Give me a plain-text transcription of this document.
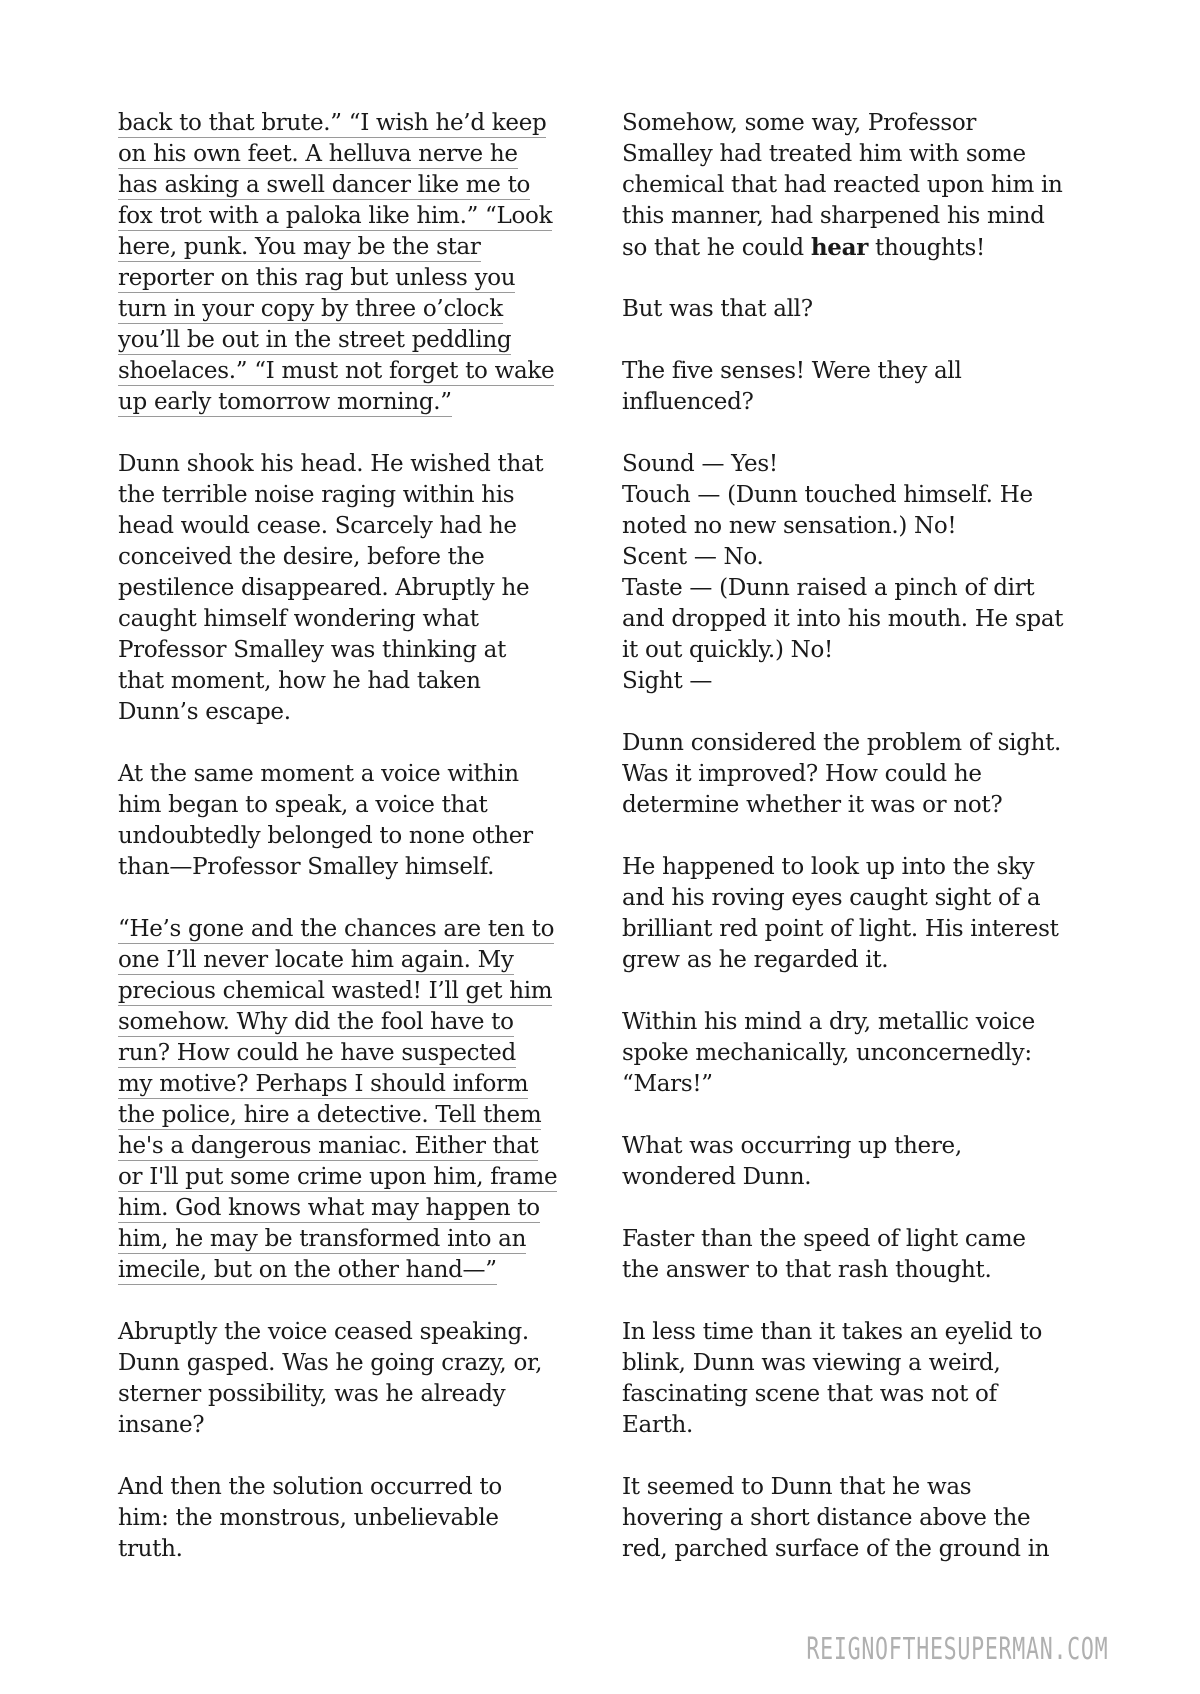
back to that brute.” “I wish he’d keep
on his own feet. A helluva nerve he
has asking a swell dancer like me to
fox trot with a paloka like him.” “Look
here, punk. You may be the star
reporter on this rag but unless you
turn in your copy by three o’clock
you’ll be out in the street peddling
shoelaces.” “I must not forget to wake
up early tomorrow morning.”
Dunn shook his head. He wished that
the terrible noise raging within his
head would cease. Scarcely had he
conceived the desire, before the
pestilence disappeared. Abruptly he
caught himself wondering what
Professor Smalley was thinking at
that moment, how he had taken
Dunn’s escape.
At the same moment a voice within
him began to speak, a voice that
undoubtedly belonged to none other
than—Professor Smalley himself.
“He’s gone and the chances are ten to
one I’ll never locate him again. My
precious chemical wasted! I’ll get him
somehow. Why did the fool have to
run? How could he have suspected
my motive? Perhaps I should inform
the police, hire a detective. Tell them
he's a dangerous maniac. Either that
or I'll put some crime upon him, frame
him. God knows what may happen to
him, he may be transformed into an
imecile, but on the other hand—”
Abruptly the voice ceased speaking.
Dunn gasped. Was he going crazy, or,
sterner possibility, was he already
insane?
And then the solution occurred to
him: the monstrous, unbelievable
truth.
Somehow, some way, Professor
Smalley had treated him with some
chemical that had reacted upon him in
this manner, had sharpened his mind
so that he could hear thoughts!
But was that all?
The five senses! Were they all
influenced?
Sound — Yes!
Touch — (Dunn touched himself. He
noted no new sensation.) No!
Scent — No.
Taste — (Dunn raised a pinch of dirt
and dropped it into his mouth. He spat
it out quickly.) No!
Sight —
Dunn considered the problem of sight.
Was it improved? How could he
determine whether it was or not?
He happened to look up into the sky
and his roving eyes caught sight of a
brilliant red point of light. His interest
grew as he regarded it.
Within his mind a dry, metallic voice
spoke mechanically, unconcernedly:
“Mars!”
What was occurring up there,
wondered Dunn.
Faster than the speed of light came
the answer to that rash thought.
In less time than it takes an eyelid to
blink, Dunn was viewing a weird,
fascinating scene that was not of
Earth.
It seemed to Dunn that he was
hovering a short distance above the
red, parched surface of the ground in
REIGNOFTHESUPERMAN.COM
